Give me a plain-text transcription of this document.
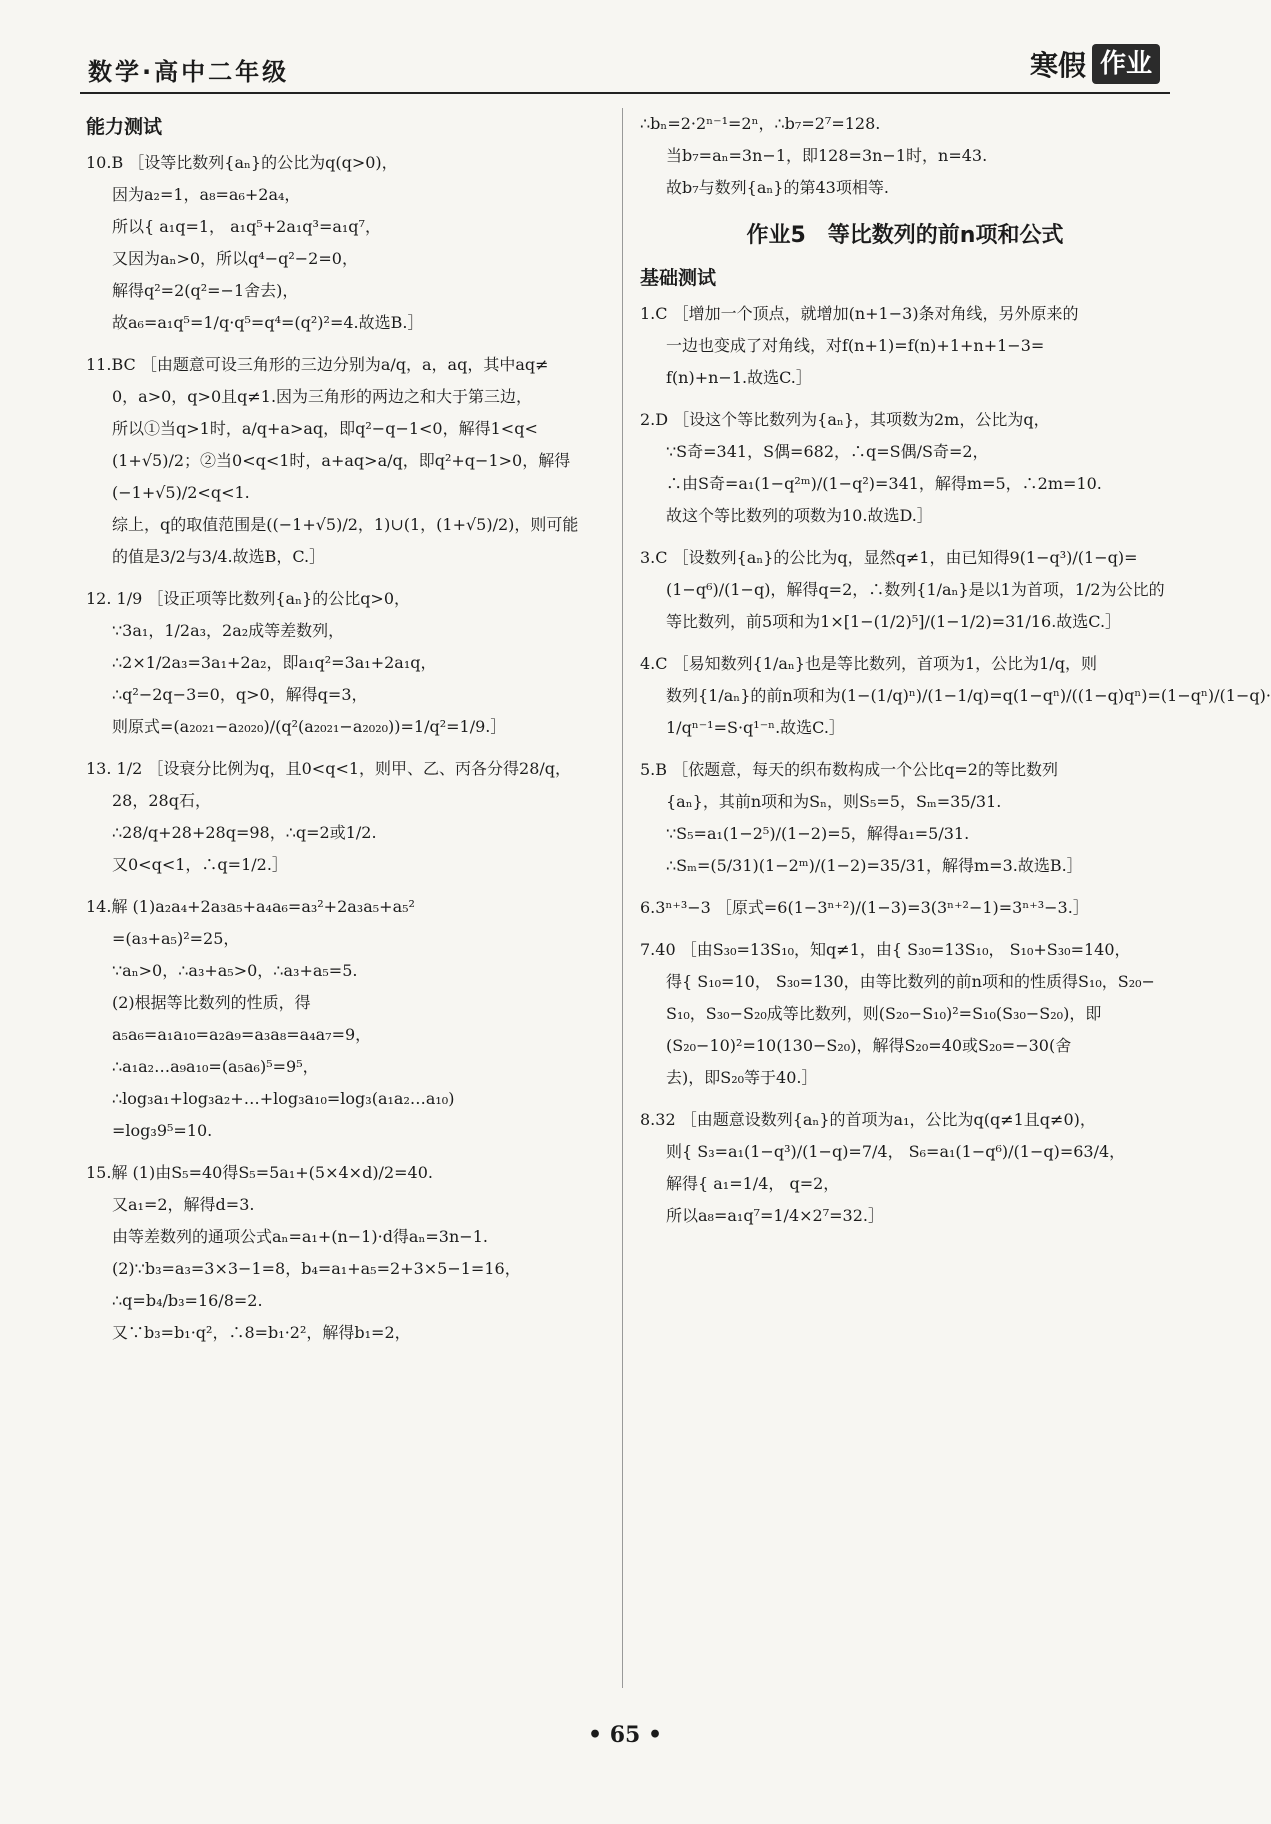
数学·高中二年级	寒假 作业
能力测试
10.B ［设等比数列{aₙ}的公比为q(q>0)，
因为a₂=1，a₈=a₆+2a₄，
所以{ a₁q=1， a₁q⁵+2a₁q³=a₁q⁷，
又因为aₙ>0，所以q⁴−q²−2=0，
解得q²=2(q²=−1舍去)，
故a₆=a₁q⁵=1/q·q⁵=q⁴=(q²)²=4.故选B.］
11.BC ［由题意可设三角形的三边分别为a/q，a，aq，其中aq≠
0，a>0，q>0且q≠1.因为三角形的两边之和大于第三边，
所以①当q>1时，a/q+a>aq，即q²−q−1<0，解得1<q<
(1+√5)/2；②当0<q<1时，a+aq>a/q，即q²+q−1>0，解得
(−1+√5)/2<q<1.
综上，q的取值范围是((−1+√5)/2，1)∪(1，(1+√5)/2)，则可能
的值是3/2与3/4.故选B，C.］
12. 1/9 ［设正项等比数列{aₙ}的公比q>0，
∵3a₁，1/2a₃，2a₂成等差数列，
∴2×1/2a₃=3a₁+2a₂，即a₁q²=3a₁+2a₁q，
∴q²−2q−3=0，q>0，解得q=3，
则原式=(a₂₀₂₁−a₂₀₂₀)/(q²(a₂₀₂₁−a₂₀₂₀))=1/q²=1/9.］
13. 1/2 ［设衰分比例为q，且0<q<1，则甲、乙、丙各分得28/q，
28，28q石，
∴28/q+28+28q=98，∴q=2或1/2.
又0<q<1，∴q=1/2.］
14.解 (1)a₂a₄+2a₃a₅+a₄a₆=a₃²+2a₃a₅+a₅²
=(a₃+a₅)²=25，
∵aₙ>0，∴a₃+a₅>0，∴a₃+a₅=5.
(2)根据等比数列的性质，得
a₅a₆=a₁a₁₀=a₂a₉=a₃a₈=a₄a₇=9，
∴a₁a₂…a₉a₁₀=(a₅a₆)⁵=9⁵，
∴log₃a₁+log₃a₂+…+log₃a₁₀=log₃(a₁a₂…a₁₀)
=log₃9⁵=10.
15.解 (1)由S₅=40得S₅=5a₁+(5×4×d)/2=40.
又a₁=2，解得d=3.
由等差数列的通项公式aₙ=a₁+(n−1)·d得aₙ=3n−1.
(2)∵b₃=a₃=3×3−1=8，b₄=a₁+a₅=2+3×5−1=16，
∴q=b₄/b₃=16/8=2.
又∵b₃=b₁·q²，∴8=b₁·2²，解得b₁=2，
∴bₙ=2·2ⁿ⁻¹=2ⁿ，∴b₇=2⁷=128.
当b₇=aₙ=3n−1，即128=3n−1时，n=43.
故b₇与数列{aₙ}的第43项相等.
作业5　等比数列的前n项和公式
基础测试
1.C ［增加一个顶点，就增加(n+1−3)条对角线，另外原来的
一边也变成了对角线，对f(n+1)=f(n)+1+n+1−3=
f(n)+n−1.故选C.］
2.D ［设这个等比数列为{aₙ}，其项数为2m，公比为q，
∵S奇=341，S偶=682，∴q=S偶/S奇=2，
∴由S奇=a₁(1−q²ᵐ)/(1−q²)=341，解得m=5，∴2m=10.
故这个等比数列的项数为10.故选D.］
3.C ［设数列{aₙ}的公比为q，显然q≠1，由已知得9(1−q³)/(1−q)=
(1−q⁶)/(1−q)，解得q=2，∴数列{1/aₙ}是以1为首项，1/2为公比的
等比数列，前5项和为1×[1−(1/2)⁵]/(1−1/2)=31/16.故选C.］
4.C ［易知数列{1/aₙ}也是等比数列，首项为1，公比为1/q，则
数列{1/aₙ}的前n项和为(1−(1/q)ⁿ)/(1−1/q)=q(1−qⁿ)/((1−q)qⁿ)=(1−qⁿ)/(1−q)·
1/qⁿ⁻¹=S·q¹⁻ⁿ.故选C.］
5.B ［依题意，每天的织布数构成一个公比q=2的等比数列
{aₙ}，其前n项和为Sₙ，则S₅=5，Sₘ=35/31.
∵S₅=a₁(1−2⁵)/(1−2)=5，解得a₁=5/31.
∴Sₘ=(5/31)(1−2ᵐ)/(1−2)=35/31，解得m=3.故选B.］
6.3ⁿ⁺³−3 ［原式=6(1−3ⁿ⁺²)/(1−3)=3(3ⁿ⁺²−1)=3ⁿ⁺³−3.］
7.40 ［由S₃₀=13S₁₀，知q≠1，由{ S₃₀=13S₁₀， S₁₀+S₃₀=140，
得{ S₁₀=10， S₃₀=130，由等比数列的前n项和的性质得S₁₀，S₂₀−
S₁₀，S₃₀−S₂₀成等比数列，则(S₂₀−S₁₀)²=S₁₀(S₃₀−S₂₀)，即
(S₂₀−10)²=10(130−S₂₀)，解得S₂₀=40或S₂₀=−30(舍
去)，即S₂₀等于40.］
8.32 ［由题意设数列{aₙ}的首项为a₁，公比为q(q≠1且q≠0)，
则{ S₃=a₁(1−q³)/(1−q)=7/4， S₆=a₁(1−q⁶)/(1−q)=63/4，
解得{ a₁=1/4， q=2，
所以a₈=a₁q⁷=1/4×2⁷=32.］
• 65 •
